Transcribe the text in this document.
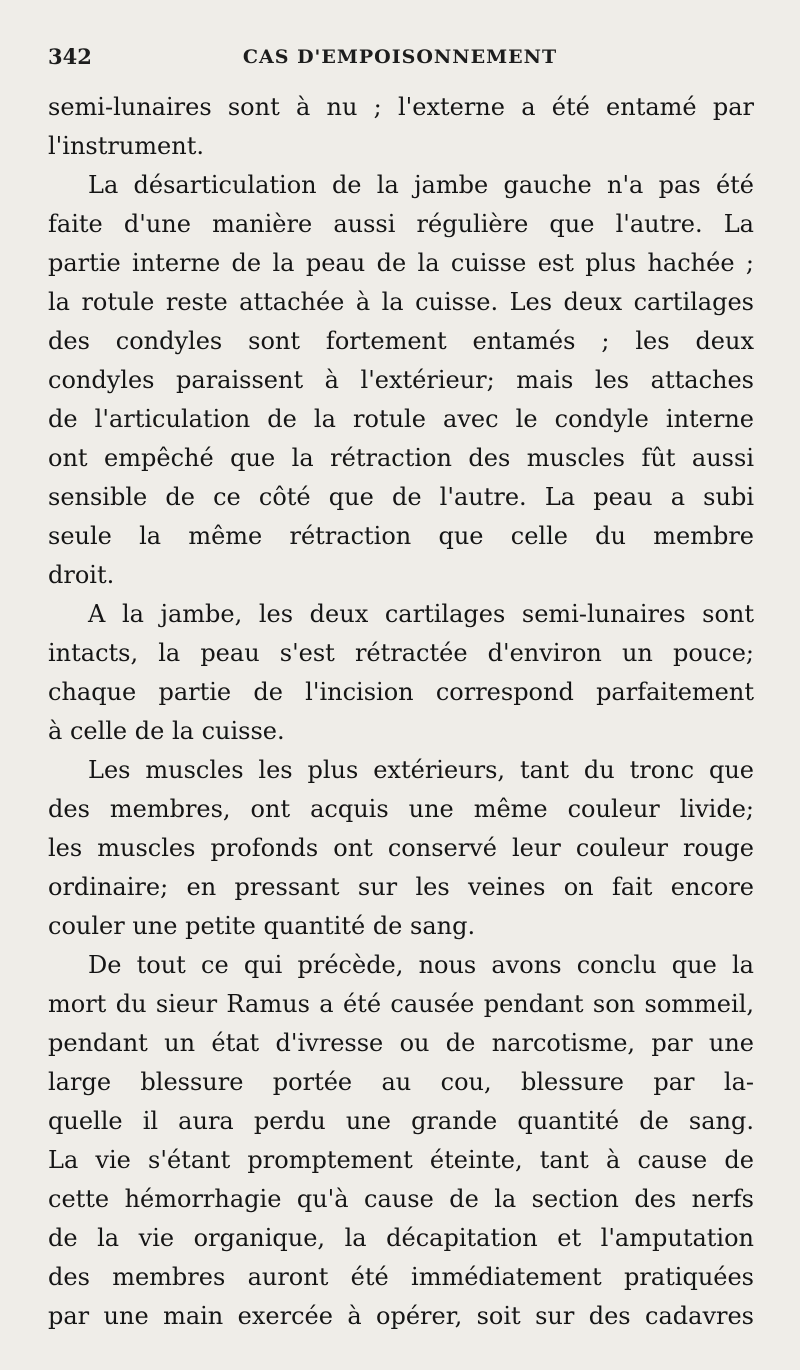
342	CAS D'EMPOISONNEMENT
semi-lunaires sont à nu ; l'externe a été entamé par
l'instrument.
La désarticulation de la jambe gauche n'a pas été
faite d'une manière aussi régulière que l'autre. La
partie interne de la peau de la cuisse est plus hachée ;
la rotule reste attachée à la cuisse. Les deux cartilages
des condyles sont fortement entamés ; les deux
condyles paraissent à l'extérieur; mais les attaches
de l'articulation de la rotule avec le condyle interne
ont empêché que la rétraction des muscles fût aussi
sensible de ce côté que de l'autre. La peau a subi
seule la même rétraction que celle du membre
droit.
A la jambe, les deux cartilages semi-lunaires sont
intacts, la peau s'est rétractée d'environ un pouce;
chaque partie de l'incision correspond parfaitement
à celle de la cuisse.
Les muscles les plus extérieurs, tant du tronc que
des membres, ont acquis une même couleur livide;
les muscles profonds ont conservé leur couleur rouge
ordinaire; en pressant sur les veines on fait encore
couler une petite quantité de sang.
De tout ce qui précède, nous avons conclu que la
mort du sieur Ramus a été causée pendant son sommeil,
pendant un état d'ivresse ou de narcotisme, par une
large blessure portée au cou, blessure par la-
quelle il aura perdu une grande quantité de sang.
La vie s'étant promptement éteinte, tant à cause de
cette hémorrhagie qu'à cause de la section des nerfs
de la vie organique, la décapitation et l'amputation
des membres auront été immédiatement pratiquées
par une main exercée à opérer, soit sur des cadavres
